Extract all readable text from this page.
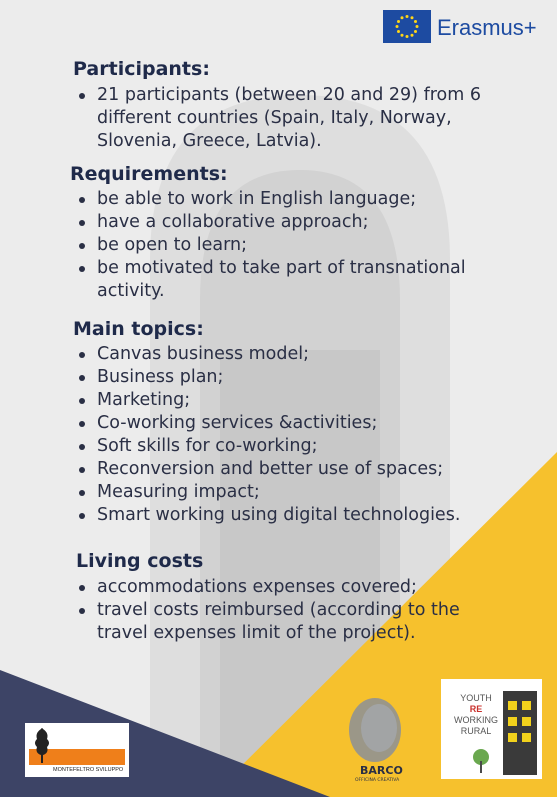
Erasmus+
Participants:
21 participants (between 20 and 29) from 6 different countries (Spain, Italy, Norway, Slovenia, Greece, Latvia).
Requirements:
be able to work in English language;
have a collaborative approach;
be open to learn;
be motivated to take part of transnational activity.
Main topics:
Canvas business model;
Business plan;
Marketing;
Co-working services &activities;
Soft skills for co-working;
Reconversion and better use of spaces;
Measuring impact;
Smart working using digital technologies.
Living costs
accommodations expenses covered;
travel costs reimbursed (according to the travel expenses limit of the project).
MONTEFELTRO SVILUPPO	BARCO
OFFICINA CREATIVA
YOUTH
RE
WORKING
RURAL
